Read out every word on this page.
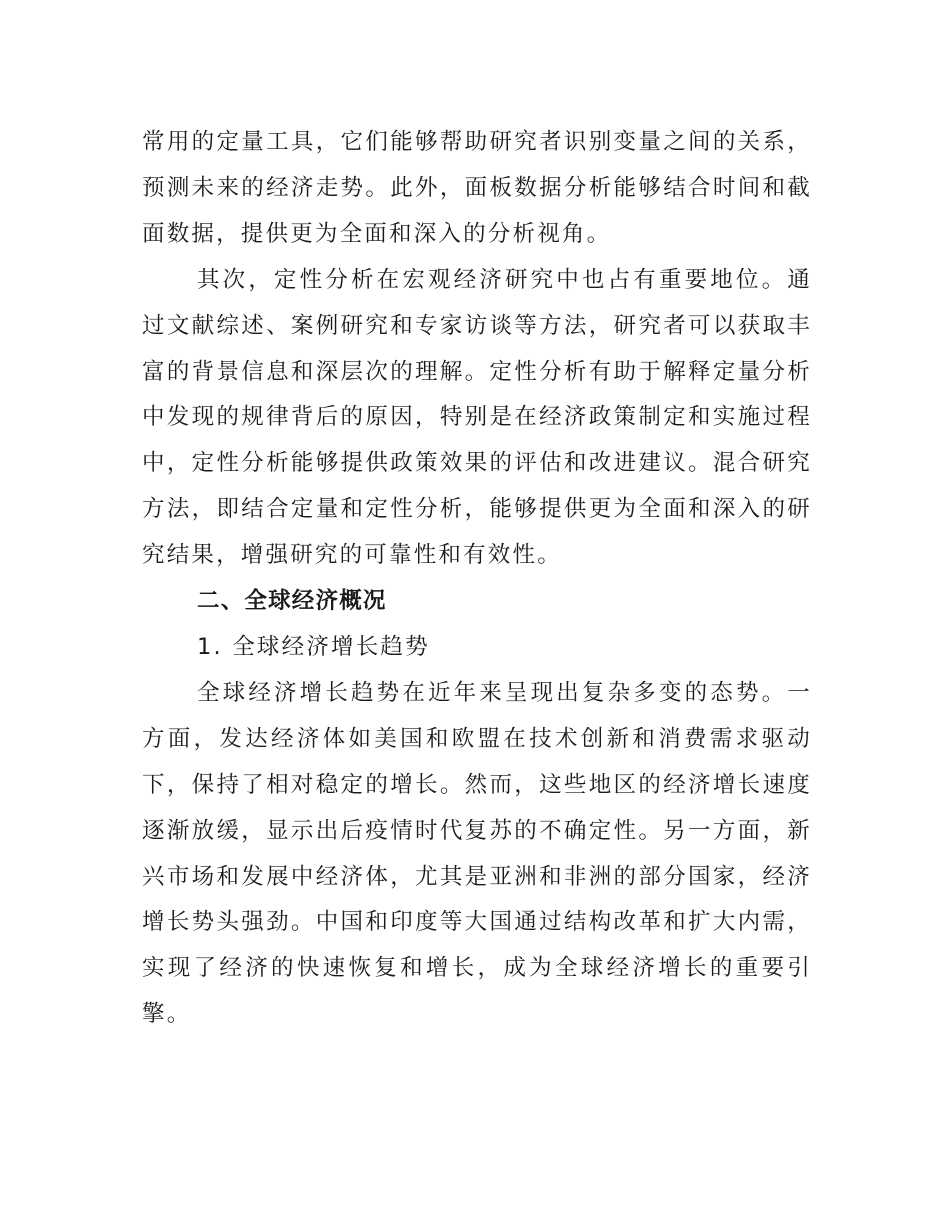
常用的定量工具，它们能够帮助研究者识别变量之间的关系，预测未来的经济走势。此外，面板数据分析能够结合时间和截面数据，提供更为全面和深入的分析视角。

其次，定性分析在宏观经济研究中也占有重要地位。通过文献综述、案例研究和专家访谈等方法，研究者可以获取丰富的背景信息和深层次的理解。定性分析有助于解释定量分析中发现的规律背后的原因，特别是在经济政策制定和实施过程中，定性分析能够提供政策效果的评估和改进建议。混合研究方法，即结合定量和定性分析，能够提供更为全面和深入的研究结果，增强研究的可靠性和有效性。

二、全球经济概况

1. 全球经济增长趋势

全球经济增长趋势在近年来呈现出复杂多变的态势。一方面，发达经济体如美国和欧盟在技术创新和消费需求驱动下，保持了相对稳定的增长。然而，这些地区的经济增长速度逐渐放缓，显示出后疫情时代复苏的不确定性。另一方面，新兴市场和发展中经济体，尤其是亚洲和非洲的部分国家，经济增长势头强劲。中国和印度等大国通过结构改革和扩大内需，实现了经济的快速恢复和增长，成为全球经济增长的重要引擎。
